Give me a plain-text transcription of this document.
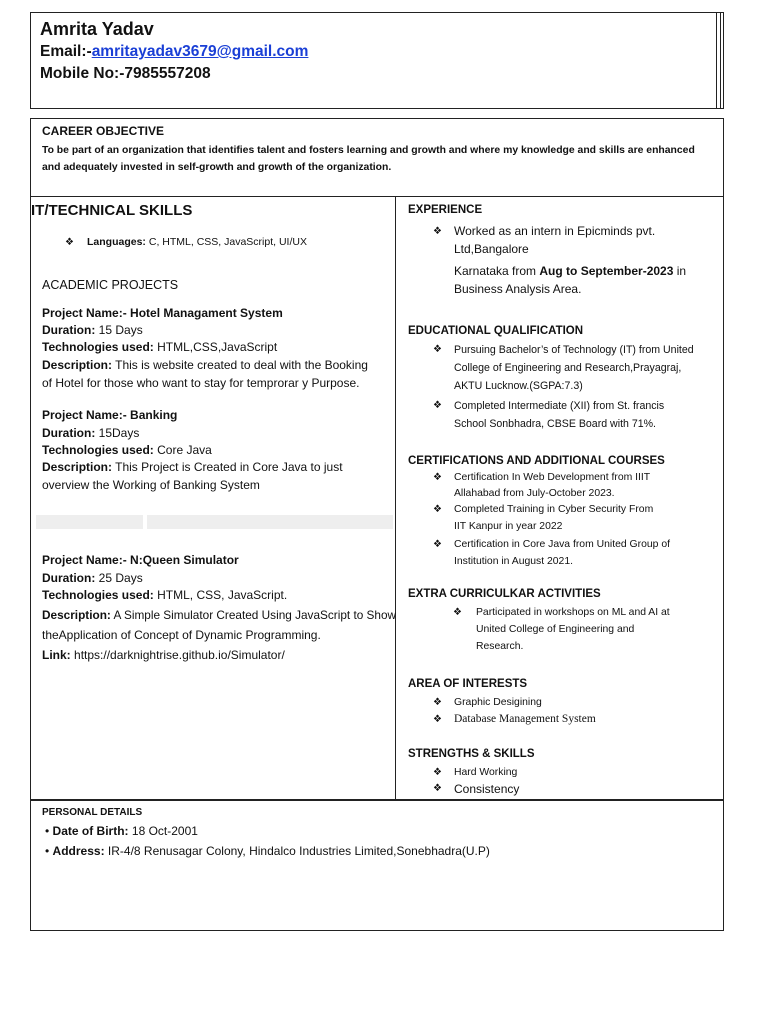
Amrita Yadav
Email:-amritayadav3679@gmail.com
Mobile No:-7985557208
CAREER OBJECTIVE
To be part of an organization that identifies talent and fosters learning and growth and where my knowledge and skills are enhanced and adequately invested in self-growth and growth of the organization.
IT/TECHNICAL SKILLS
❖ Languages: C, HTML, CSS, JavaScript, UI/UX
ACADEMIC PROJECTS
Project Name:- Hotel Managament System
Duration: 15 Days
Technologies used: HTML,CSS,JavaScript
Description: This is website created to deal with the Booking
of Hotel for those who want to stay for temprorar y Purpose.
Project Name:- Banking
Duration: 15Days
Technologies used: Core Java
Description: This Project is Created in Core Java to just
overview the Working of Banking System
Project Name:- N:Queen Simulator
Duration: 25 Days
Technologies used: HTML, CSS, JavaScript.
Description: A Simple Simulator Created Using JavaScript to Show
theApplication of Concept of Dynamic Programming.
Link: https://darknightrise.github.io/Simulator/
EXPERIENCE
❖ Worked as an intern in Epicminds pvt.
Ltd,Bangalore
Karnataka from Aug to September-2023 in
Business Analysis Area.
EDUCATIONAL QUALIFICATION
❖ Pursuing Bachelor’s of Technology (IT) from United
College of Engineering and Research,Prayagraj,
AKTU Lucknow.(SGPA:7.3)
❖ Completed Intermediate (XII) from St. francis
School Sonbhadra, CBSE Board with 71%.
CERTIFICATIONS AND ADDITIONAL COURSES
❖ Certification In Web Development from IIIT
Allahabad from July-October 2023.
❖ Completed Training in Cyber Security From
IIT Kanpur in year 2022
❖ Certification in Core Java from United Group of
Institution in August 2021.
EXTRA CURRICULKAR ACTIVITIES
❖ Participated in workshops on ML and AI at
United College of Engineering and
Research.
AREA OF INTERESTS
❖ Graphic Desigining
❖ Database Management System
STRENGTHS & SKILLS
❖ Hard Working
❖ Consistency
PERSONAL DETAILS
• Date of Birth: 18 Oct-2001
• Address: IR-4/8 Renusagar Colony, Hindalco Industries Limited,Sonebhadra(U.P)
